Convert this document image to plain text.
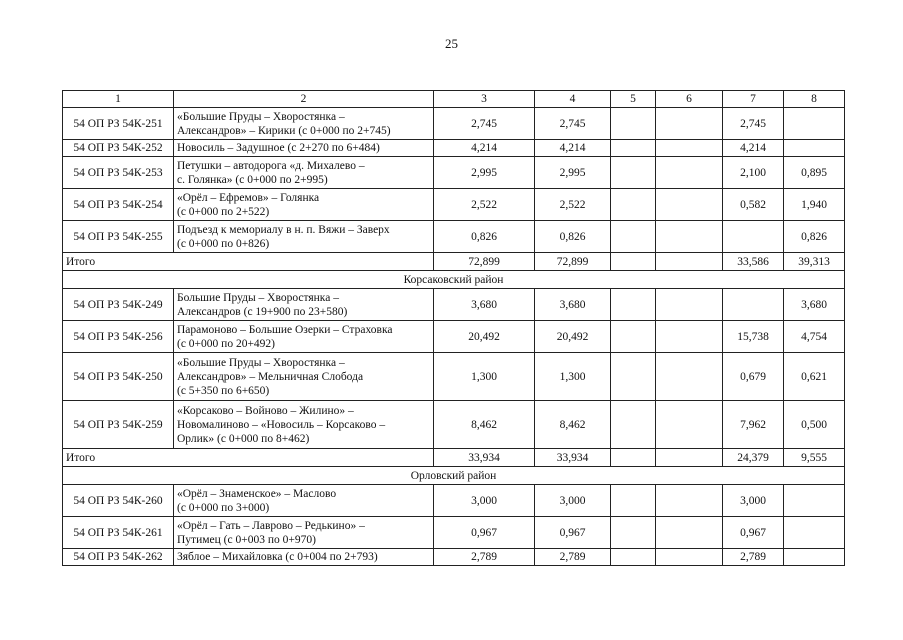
25
1	2	3	4	5	6	7	8
54 ОП РЗ 54К-251	«Большие Пруды – Хворостянка –
Александров» – Кирики (с 0+000 по 2+745)	2,745	2,745			2,745	
54 ОП РЗ 54К-252	Новосиль – Задушное (с 2+270 по 6+484)	4,214	4,214			4,214	
54 ОП РЗ 54К-253	Петушки – автодорога «д. Михалево –
с. Голянка» (с 0+000 по 2+995)	2,995	2,995			2,100	0,895
54 ОП РЗ 54К-254	«Орёл – Ефремов» – Голянка
(с 0+000 по 2+522)	2,522	2,522			0,582	1,940
54 ОП РЗ 54К-255	Подъезд к мемориалу в н. п. Вяжи – Заверх
(с 0+000 по 0+826)	0,826	0,826				0,826
Итого		72,899	72,899			33,586	39,313
Корсаковский район							
54 ОП РЗ 54К-249	Большие Пруды – Хворостянка –
Александров (с 19+900 по 23+580)	3,680	3,680				3,680
54 ОП РЗ 54К-256	Парамоново – Большие Озерки – Страховка
(с 0+000 по 20+492)	20,492	20,492			15,738	4,754
54 ОП РЗ 54К-250	«Большие Пруды – Хворостянка –
Александров» – Мельничная Слобода
(с 5+350 по 6+650)	1,300	1,300			0,679	0,621
54 ОП РЗ 54К-259	«Корсаково – Войново – Жилино» –
Новомалиново – «Новосиль – Корсаково –
Орлик» (с 0+000 по 8+462)	8,462	8,462			7,962	0,500
Итого		33,934	33,934			24,379	9,555
Орловский район							
54 ОП РЗ 54К-260	«Орёл – Знаменское» – Маслово
(с 0+000 по 3+000)	3,000	3,000			3,000	
54 ОП РЗ 54К-261	«Орёл – Гать – Лаврово – Редькино» –
Путимец (с 0+003 по 0+970)	0,967	0,967			0,967	
54 ОП РЗ 54К-262	Зяблое – Михайловка (с 0+004 по 2+793)	2,789	2,789			2,789	
